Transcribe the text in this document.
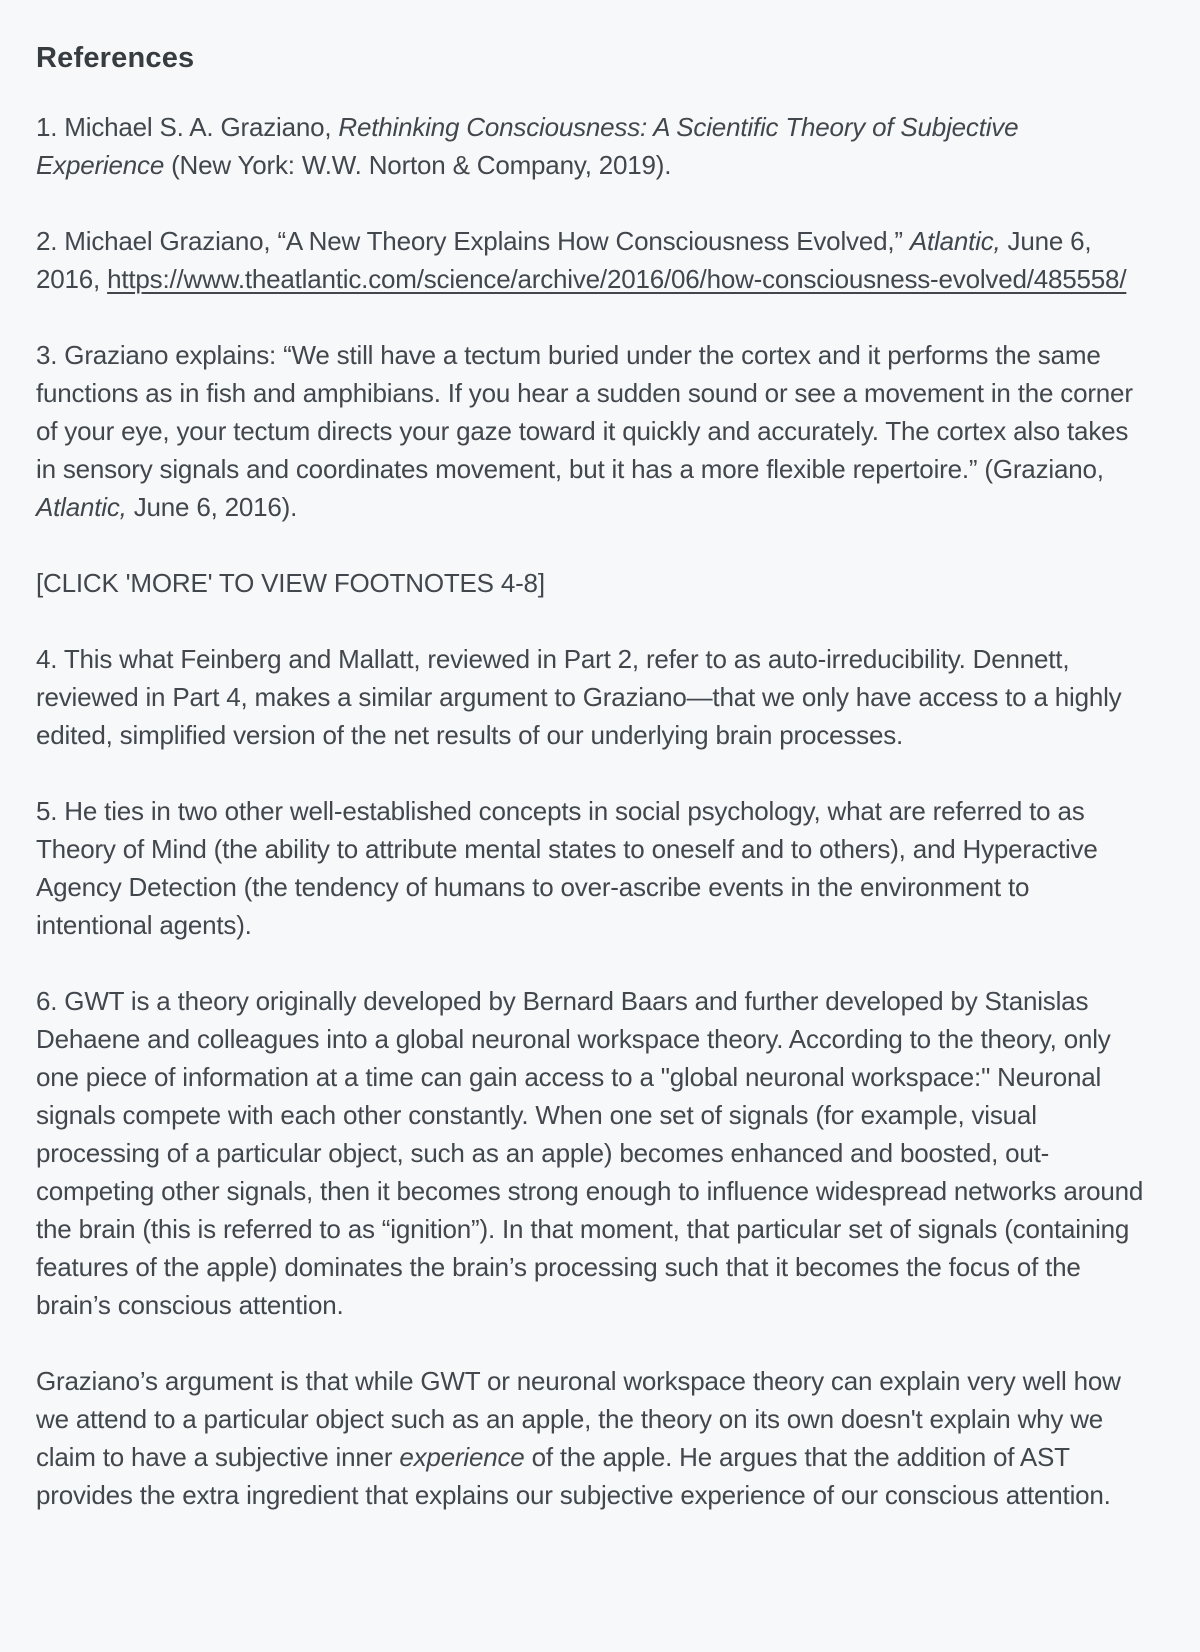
References

1. Michael S. A. Graziano, Rethinking Consciousness: A Scientific Theory of Subjective Experience (New York: W.W. Norton & Company, 2019).

2. Michael Graziano, “A New Theory Explains How Consciousness Evolved,” Atlantic, June 6, 2016, https://www.theatlantic.com/science/archive/2016/06/how-consciousness-evolved/485558/

3. Graziano explains: “We still have a tectum buried under the cortex and it performs the same functions as in fish and amphibians. If you hear a sudden sound or see a movement in the corner of your eye, your tectum directs your gaze toward it quickly and accurately. The cortex also takes in sensory signals and coordinates movement, but it has a more flexible repertoire.” (Graziano, Atlantic, June 6, 2016).

[CLICK 'MORE' TO VIEW FOOTNOTES 4-8]

4. This what Feinberg and Mallatt, reviewed in Part 2, refer to as auto-irreducibility. Dennett, reviewed in Part 4, makes a similar argument to Graziano—that we only have access to a highly edited, simplified version of the net results of our underlying brain processes.

5. He ties in two other well-established concepts in social psychology, what are referred to as Theory of Mind (the ability to attribute mental states to oneself and to others), and Hyperactive Agency Detection (the tendency of humans to over-ascribe events in the environment to intentional agents).

6. GWT is a theory originally developed by Bernard Baars and further developed by Stanislas Dehaene and colleagues into a global neuronal workspace theory. According to the theory, only one piece of information at a time can gain access to a "global neuronal workspace:" Neuronal signals compete with each other constantly. When one set of signals (for example, visual processing of a particular object, such as an apple) becomes enhanced and boosted, out-competing other signals, then it becomes strong enough to influence widespread networks around the brain (this is referred to as “ignition”). In that moment, that particular set of signals (containing features of the apple) dominates the brain’s processing such that it becomes the focus of the brain’s conscious attention.

Graziano’s argument is that while GWT or neuronal workspace theory can explain very well how we attend to a particular object such as an apple, the theory on its own doesn't explain why we claim to have a subjective inner experience of the apple. He argues that the addition of AST provides the extra ingredient that explains our subjective experience of our conscious attention.
